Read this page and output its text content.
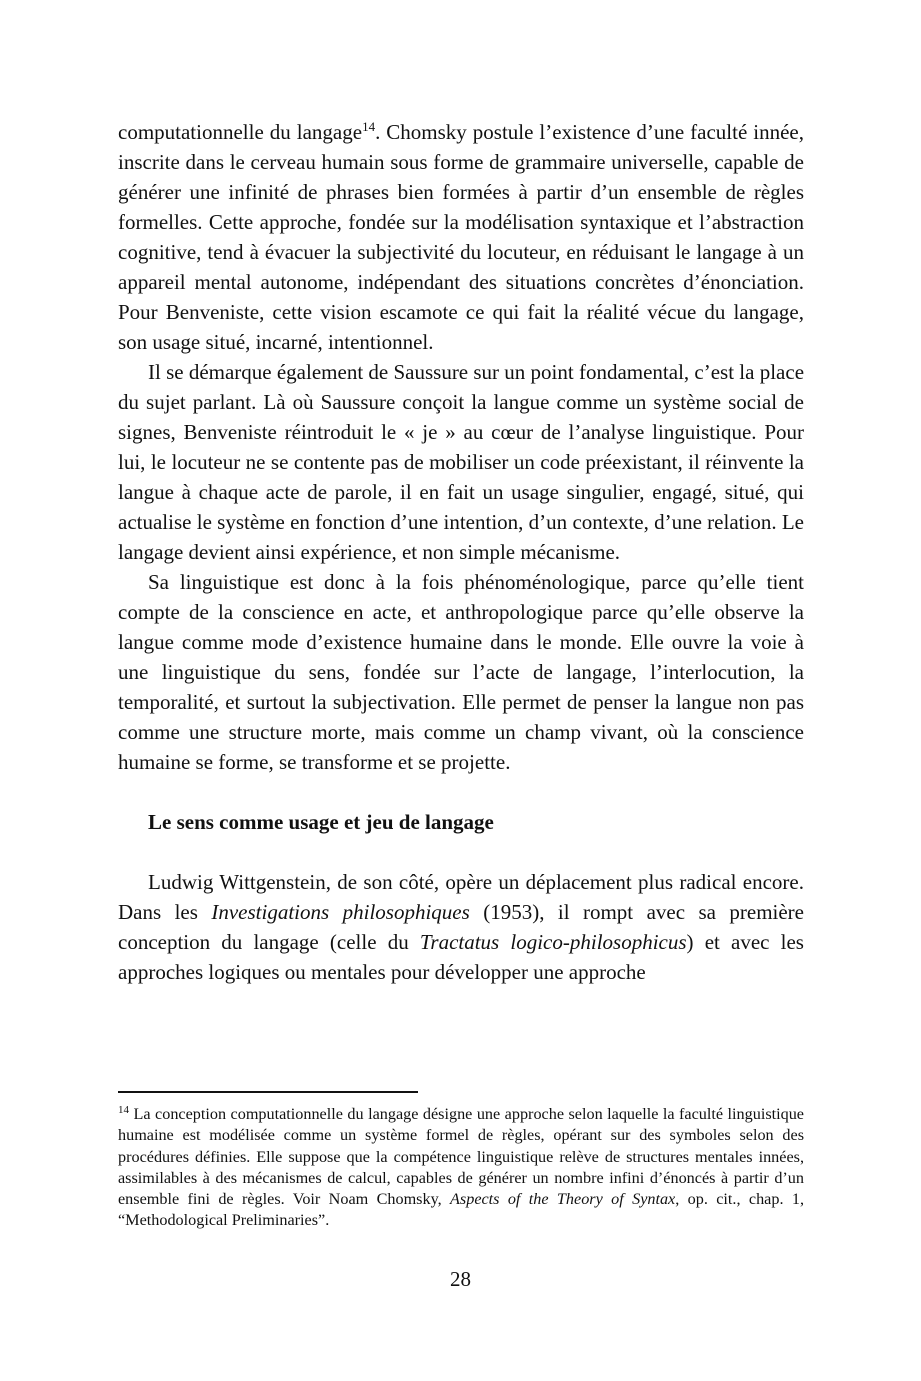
computationnelle du langage$^{14}$. Chomsky postule l’existence d’une faculté innée, inscrite dans le cerveau humain sous forme de grammaire universelle, capable de générer une infinité de phrases bien formées à partir d’un ensemble de règles formelles. Cette approche, fondée sur la modélisation syntaxique et l’abstraction cognitive, tend à évacuer la subjectivité du locuteur, en réduisant le langage à un appareil mental autonome, indépendant des situations concrètes d’énonciation. Pour Benveniste, cette vision escamote ce qui fait la réalité vécue du langage, son usage situé, incarné, intentionnel.

Il se démarque également de Saussure sur un point fondamental, c’est la place du sujet parlant. Là où Saussure conçoit la langue comme un système social de signes, Benveniste réintroduit le « je » au cœur de l’analyse linguistique. Pour lui, le locuteur ne se contente pas de mobiliser un code préexistant, il réinvente la langue à chaque acte de parole, il en fait un usage singulier, engagé, situé, qui actualise le système en fonction d’une intention, d’un contexte, d’une relation. Le langage devient ainsi expérience, et non simple mécanisme.

Sa linguistique est donc à la fois phénoménologique, parce qu’elle tient compte de la conscience en acte, et anthropologique parce qu’elle observe la langue comme mode d’existence humaine dans le monde. Elle ouvre la voie à une linguistique du sens, fondée sur l’acte de langage, l’interlocution, la temporalité, et surtout la subjectivation. Elle permet de penser la langue non pas comme une structure morte, mais comme un champ vivant, où la conscience humaine se forme, se transforme et se projette.

Le sens comme usage et jeu de langage

Ludwig Wittgenstein, de son côté, opère un déplacement plus radical encore. Dans les Investigations philosophiques (1953), il rompt avec sa première conception du langage (celle du Tractatus logico-philosophicus) et avec les approches logiques ou mentales pour développer une approche

$^{14}$ La conception computationnelle du langage désigne une approche selon laquelle la faculté linguistique humaine est modélisée comme un système formel de règles, opérant sur des symboles selon des procédures définies. Elle suppose que la compétence linguistique relève de structures mentales innées, assimilables à des mécanismes de calcul, capables de générer un nombre infini d’énoncés à partir d’un ensemble fini de règles. Voir Noam Chomsky, Aspects of the Theory of Syntax, op. cit., chap. 1, “Methodological Preliminaries”.

28
